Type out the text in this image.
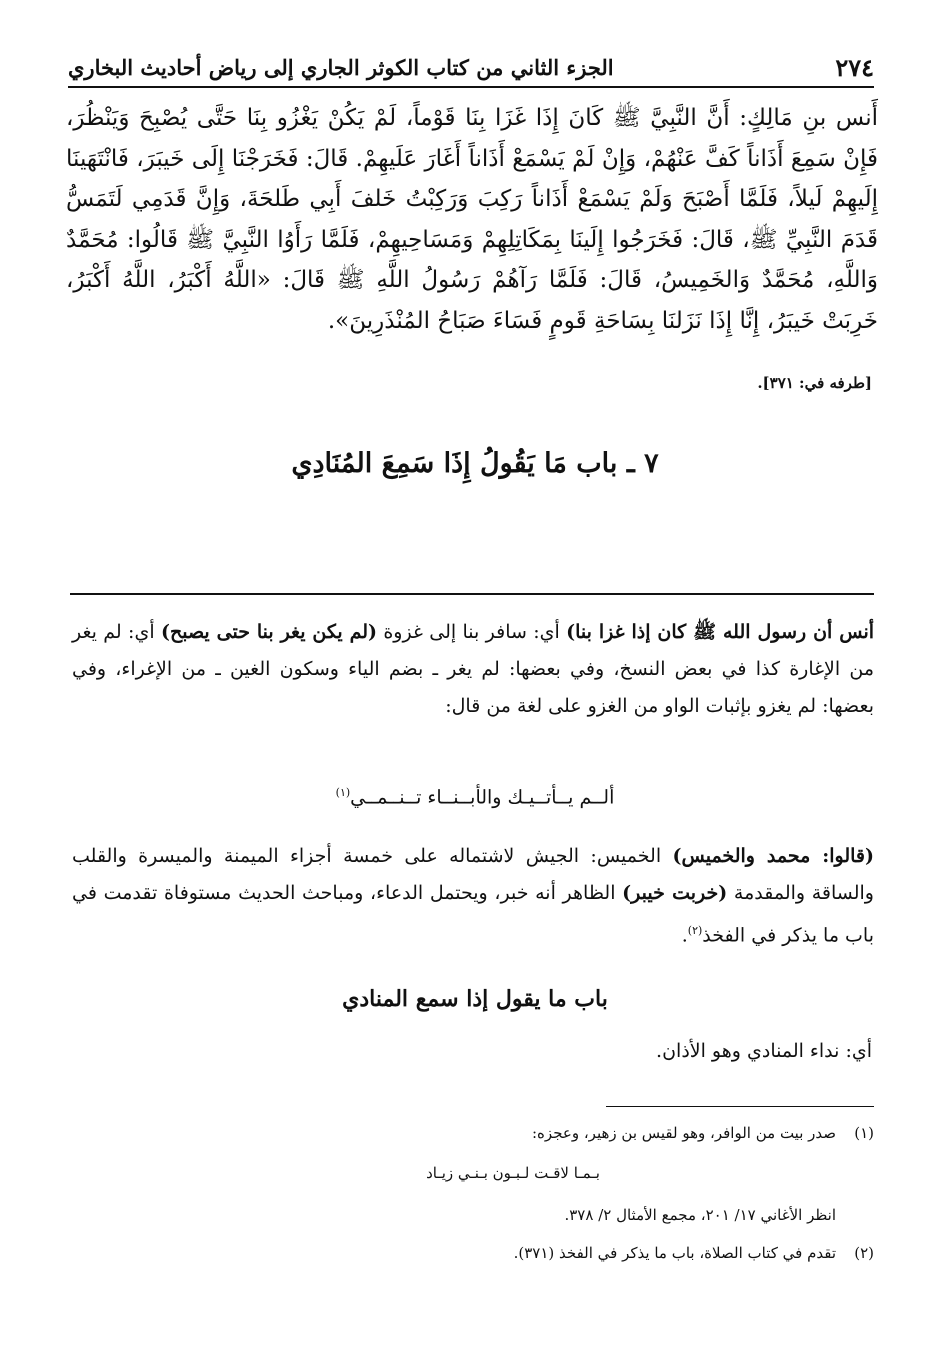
٢٧٤
الجزء الثاني من كتاب الكوثر الجاري إلى رياض أحاديث البخاري
أَنس بنِ مَالِكٍ: أَنَّ النَّبِيَّ ﷺ كَانَ إِذَا غَزَا بِنَا قَوْماً، لَمْ يَكُنْ يَغْزُو بِنَا حَتَّى يُصْبِحَ وَيَنْظُرَ، فَإِنْ سَمِعَ أَذَاناً كَفَّ عَنْهُمْ، وَإِنْ لَمْ يَسْمَعْ أَذَاناً أَغَارَ عَلَيهِمْ. قَالَ: فَخَرَجْنَا إِلَى خَيبَرَ، فَانْتَهَينَا إِلَيهِمْ لَيلاً، فَلَمَّا أَصْبَحَ وَلَمْ يَسْمَعْ أَذَاناً رَكِبَ وَرَكِبْتُ خَلفَ أَبِي طَلحَةَ، وَإِنَّ قَدَمِي لَتَمَسُّ قَدَمَ النَّبِيِّ ﷺ، قَالَ: فَخَرَجُوا إِلَينَا بِمَكَاتِلِهِمْ وَمَسَاحِيهِمْ، فَلَمَّا رَأَوُا النَّبِيَّ ﷺ قَالُوا: مُحَمَّدٌ وَاللَّهِ، مُحَمَّدٌ وَالخَمِيسُ، قَالَ: فَلَمَّا رَآهُمْ رَسُولُ اللَّهِ ﷺ قَالَ: «اللَّهُ أَكْبَرُ، اللَّهُ أَكْبَرُ، خَرِبَتْ خَيبَرُ، إِنَّا إِذَا نَزَلنَا بِسَاحَةِ قَومٍ فَسَاءَ صَبَاحُ المُنْذَرِينَ».
[طرفه في: ٣٧١].
٧ ـ باب مَا يَقُولُ إِذَا سَمِعَ المُنَادِي
أنس أن رسول الله ﷺ كان إذا غزا بنا) أي: سافر بنا إلى غزوة (لم يكن يغر بنا حتى يصبح) أي: لم يغر من الإغارة كذا في بعض النسخ، وفي بعضها: لم يغر ـ بضم الياء وسكون الغين ـ من الإغراء، وفي بعضها: لم يغزو بإثبات الواو من الغزو على لغة من قال:
ألــم يــأتــيـك والأبــنــاء تــنــمــي$^{(١)}$
(قالوا: محمد والخميس) الخميس: الجيش لاشتماله على خمسة أجزاء الميمنة والميسرة والقلب والساقة والمقدمة (خربت خيبر) الظاهر أنه خبر، ويحتمل الدعاء، ومباحث الحديث مستوفاة تقدمت في باب ما يذكر في الفخذ$^{(٢)}$.
باب ما يقول إذا سمع المنادي
أي: نداء المنادي وهو الأذان.
(١)صدر بيت من الوافر، وهو لقيس بن زهير، وعجزه:
بـمـا لاقـت لـبـون بـنـي زيـاد
انظر الأغاني ١٧/ ٢٠١، مجمع الأمثال ٢/ ٣٧٨.
(٢)تقدم في كتاب الصلاة، باب ما يذكر في الفخذ (٣٧١).
